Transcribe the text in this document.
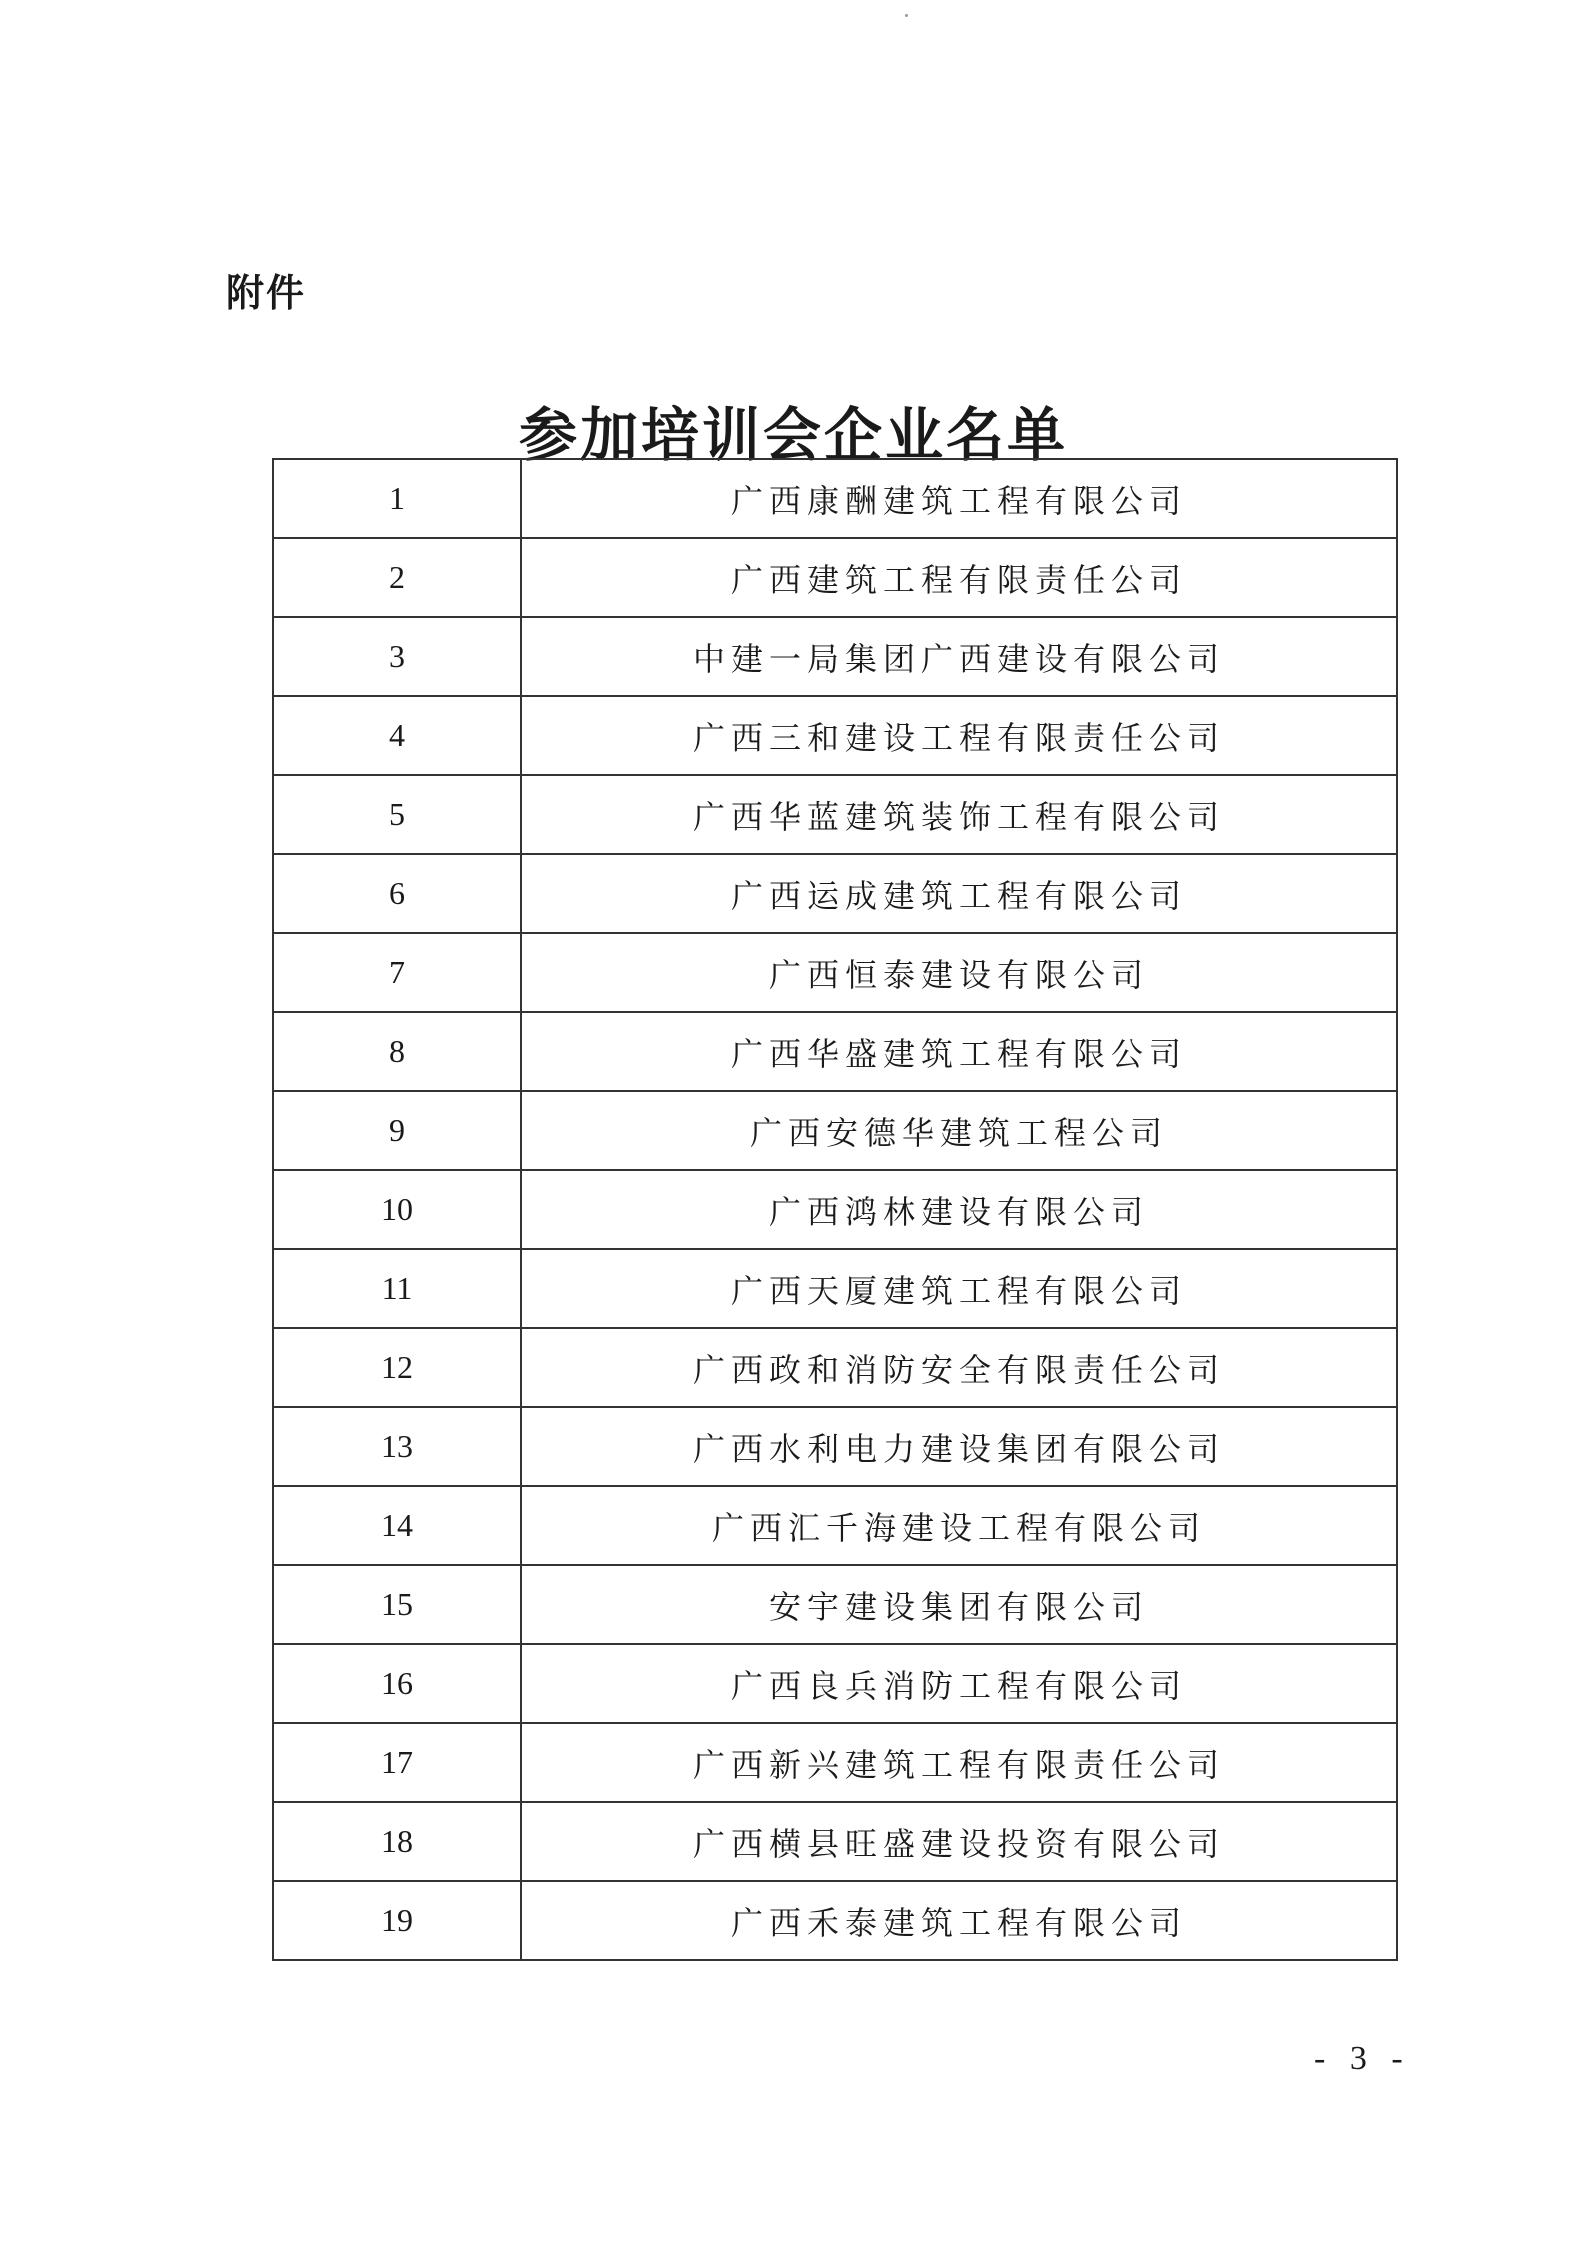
附件
参加培训会企业名单
1	广西康酬建筑工程有限公司
2	广西建筑工程有限责任公司
3	中建一局集团广西建设有限公司
4	广西三和建设工程有限责任公司
5	广西华蓝建筑装饰工程有限公司
6	广西运成建筑工程有限公司
7	广西恒泰建设有限公司
8	广西华盛建筑工程有限公司
9	广西安德华建筑工程公司
10	广西鸿林建设有限公司
11	广西天厦建筑工程有限公司
12	广西政和消防安全有限责任公司
13	广西水利电力建设集团有限公司
14	广西汇千海建设工程有限公司
15	安宇建设集团有限公司
16	广西良兵消防工程有限公司
17	广西新兴建筑工程有限责任公司
18	广西横县旺盛建设投资有限公司
19	广西禾泰建筑工程有限公司
- 3 -
